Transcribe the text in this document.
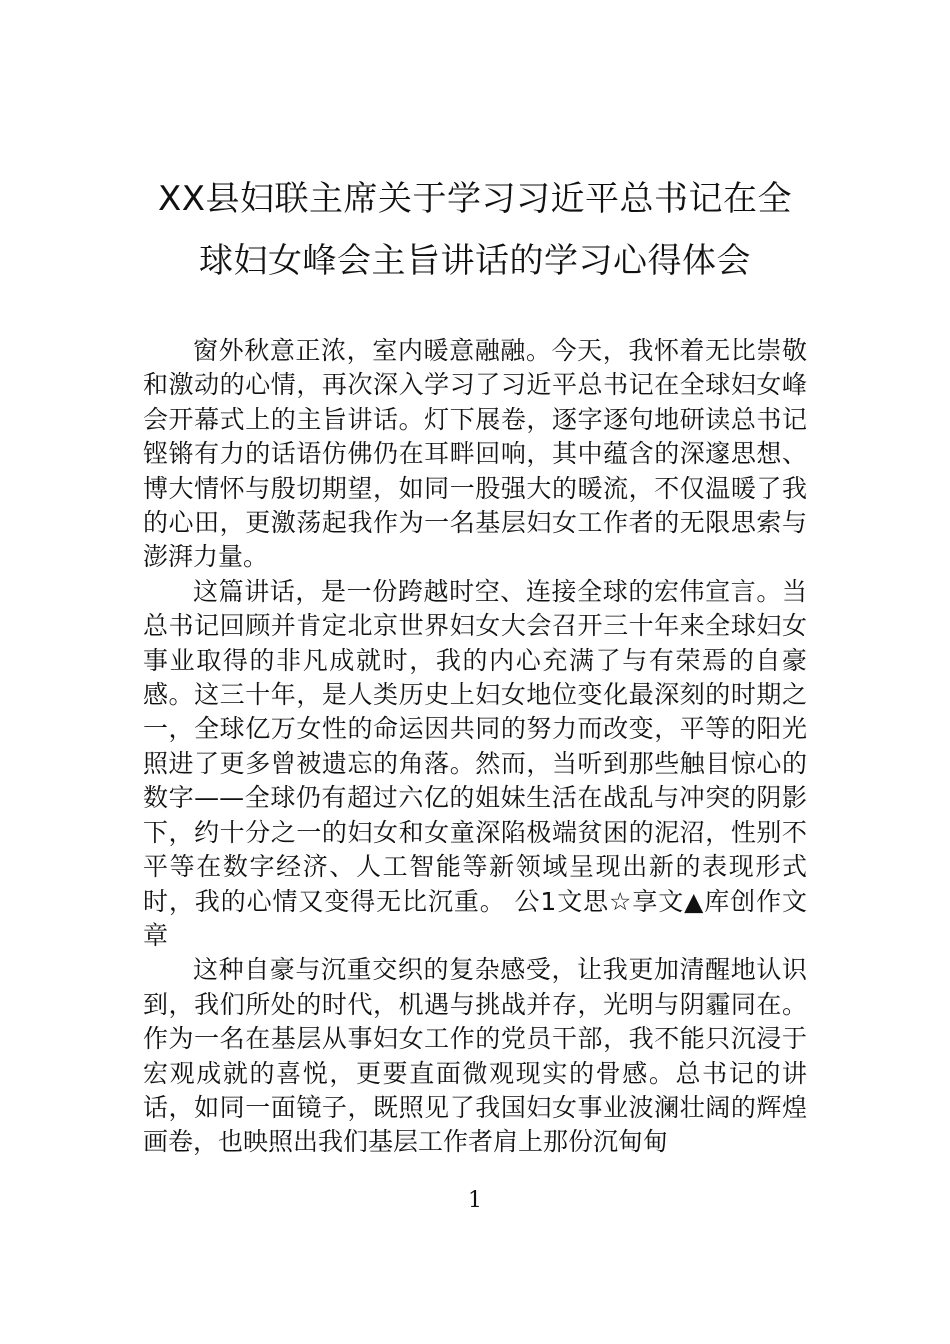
XX县妇联主席关于学习习近平总书记在全
球妇女峰会主旨讲话的学习心得体会

窗外秋意正浓，室内暖意融融。今天，我怀着无比崇敬和激动的心情，再次深入学习了习近平总书记在全球妇女峰会开幕式上的主旨讲话。灯下展卷，逐字逐句地研读总书记铿锵有力的话语仿佛仍在耳畔回响，其中蕴含的深邃思想、博大情怀与殷切期望，如同一股强大的暖流，不仅温暖了我的心田，更激荡起我作为一名基层妇女工作者的无限思索与澎湃力量。

这篇讲话，是一份跨越时空、连接全球的宏伟宣言。当总书记回顾并肯定北京世界妇女大会召开三十年来全球妇女事业取得的非凡成就时，我的内心充满了与有荣焉的自豪感。这三十年，是人类历史上妇女地位变化最深刻的时期之一，全球亿万女性的命运因共同的努力而改变，平等的阳光照进了更多曾被遗忘的角落。然而，当听到那些触目惊心的数字——全球仍有超过六亿的姐妹生活在战乱与冲突的阴影下，约十分之一的妇女和女童深陷极端贫困的泥沼，性别不平等在数字经济、人工智能等新领域呈现出新的表现形式时，我的心情又变得无比沉重。 公1文思☆享文▲库创作文章

这种自豪与沉重交织的复杂感受，让我更加清醒地认识到，我们所处的时代，机遇与挑战并存，光明与阴霾同在。作为一名在基层从事妇女工作的党员干部，我不能只沉浸于宏观成就的喜悦，更要直面微观现实的骨感。总书记的讲话，如同一面镜子，既照见了我国妇女事业波澜壮阔的辉煌画卷，也映照出我们基层工作者肩上那份沉甸甸

1
